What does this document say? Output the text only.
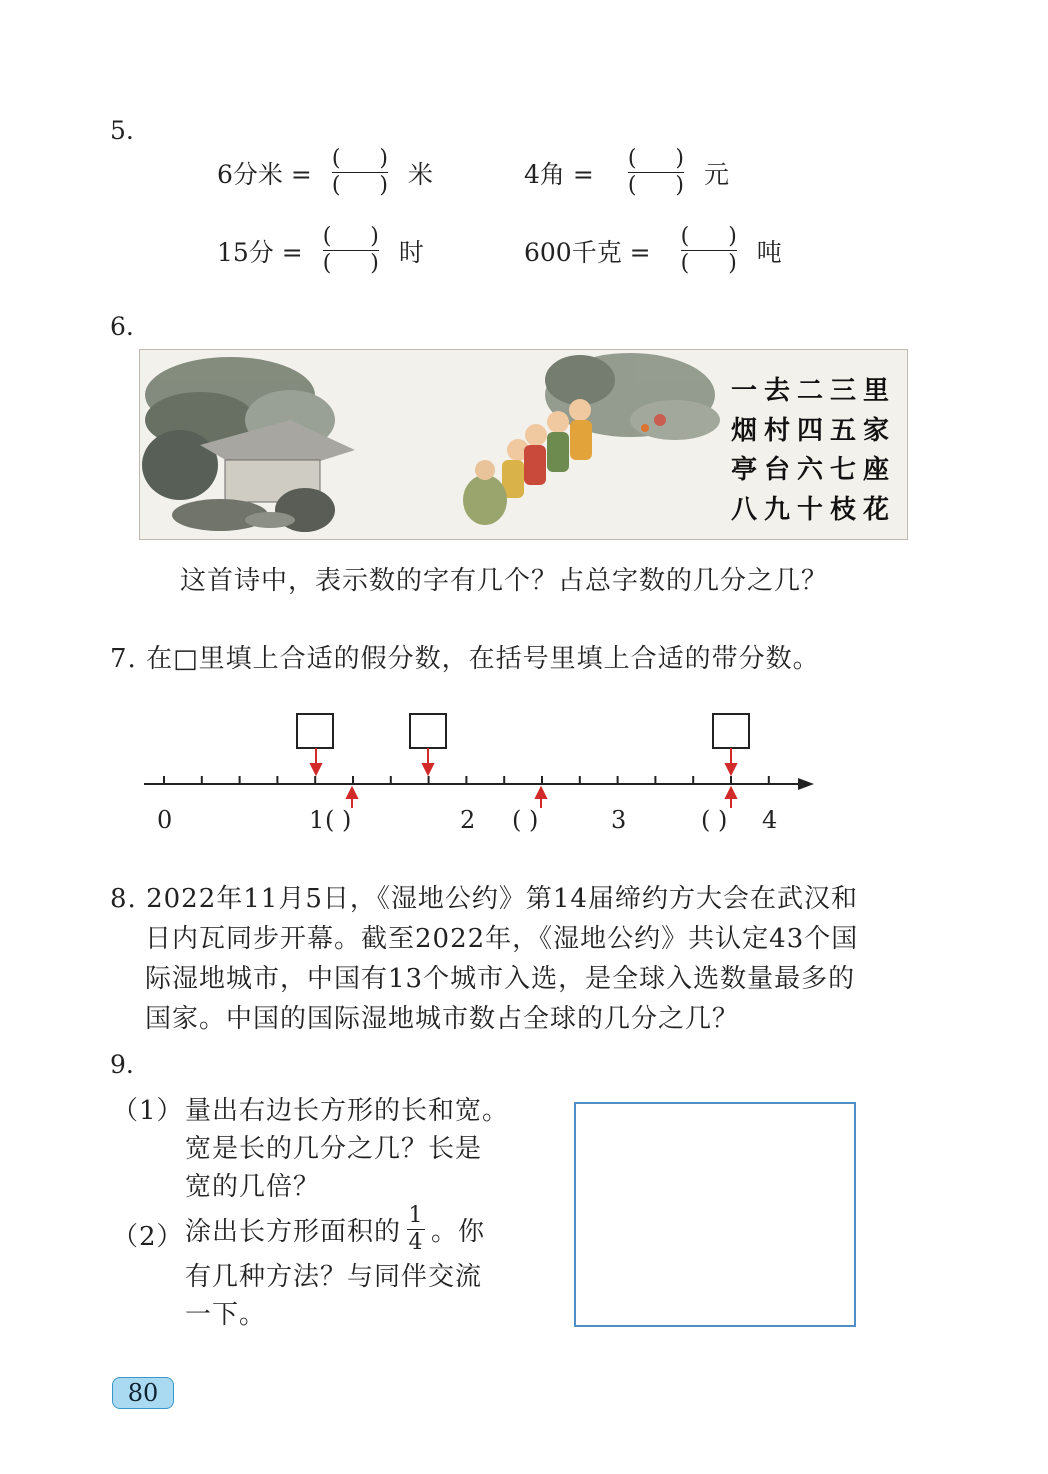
5.
6分米 = $\frac{( )}{( )}$ 米	4角 = $\frac{( )}{( )}$ 元
15分 = $\frac{( )}{( )}$ 时	600千克 = $\frac{( )}{( )}$ 吨
6.
一去二三里
烟村四五家
亭台六七座
八九十枝花
这首诗中，表示数的字有几个？占总字数的几分之几？
7. 在□里填上合适的假分数，在括号里填上合适的带分数。
0	1 ( )	2 ( )	3	( ) 4
8. 2022年11月5日，《湿地公约》第14届缔约方大会在武汉和
日内瓦同步开幕。截至2022年，《湿地公约》共认定43个国
际湿地城市，中国有13个城市入选，是全球入选数量最多的
国家。中国的国际湿地城市数占全球的几分之几？
9.
（1） 量出右边长方形的长和宽。
宽是长的几分之几？长是
宽的几倍？
（2） 涂出长方形面积的
1
4 。你
有几种方法？与同伴交流
一下。
80
